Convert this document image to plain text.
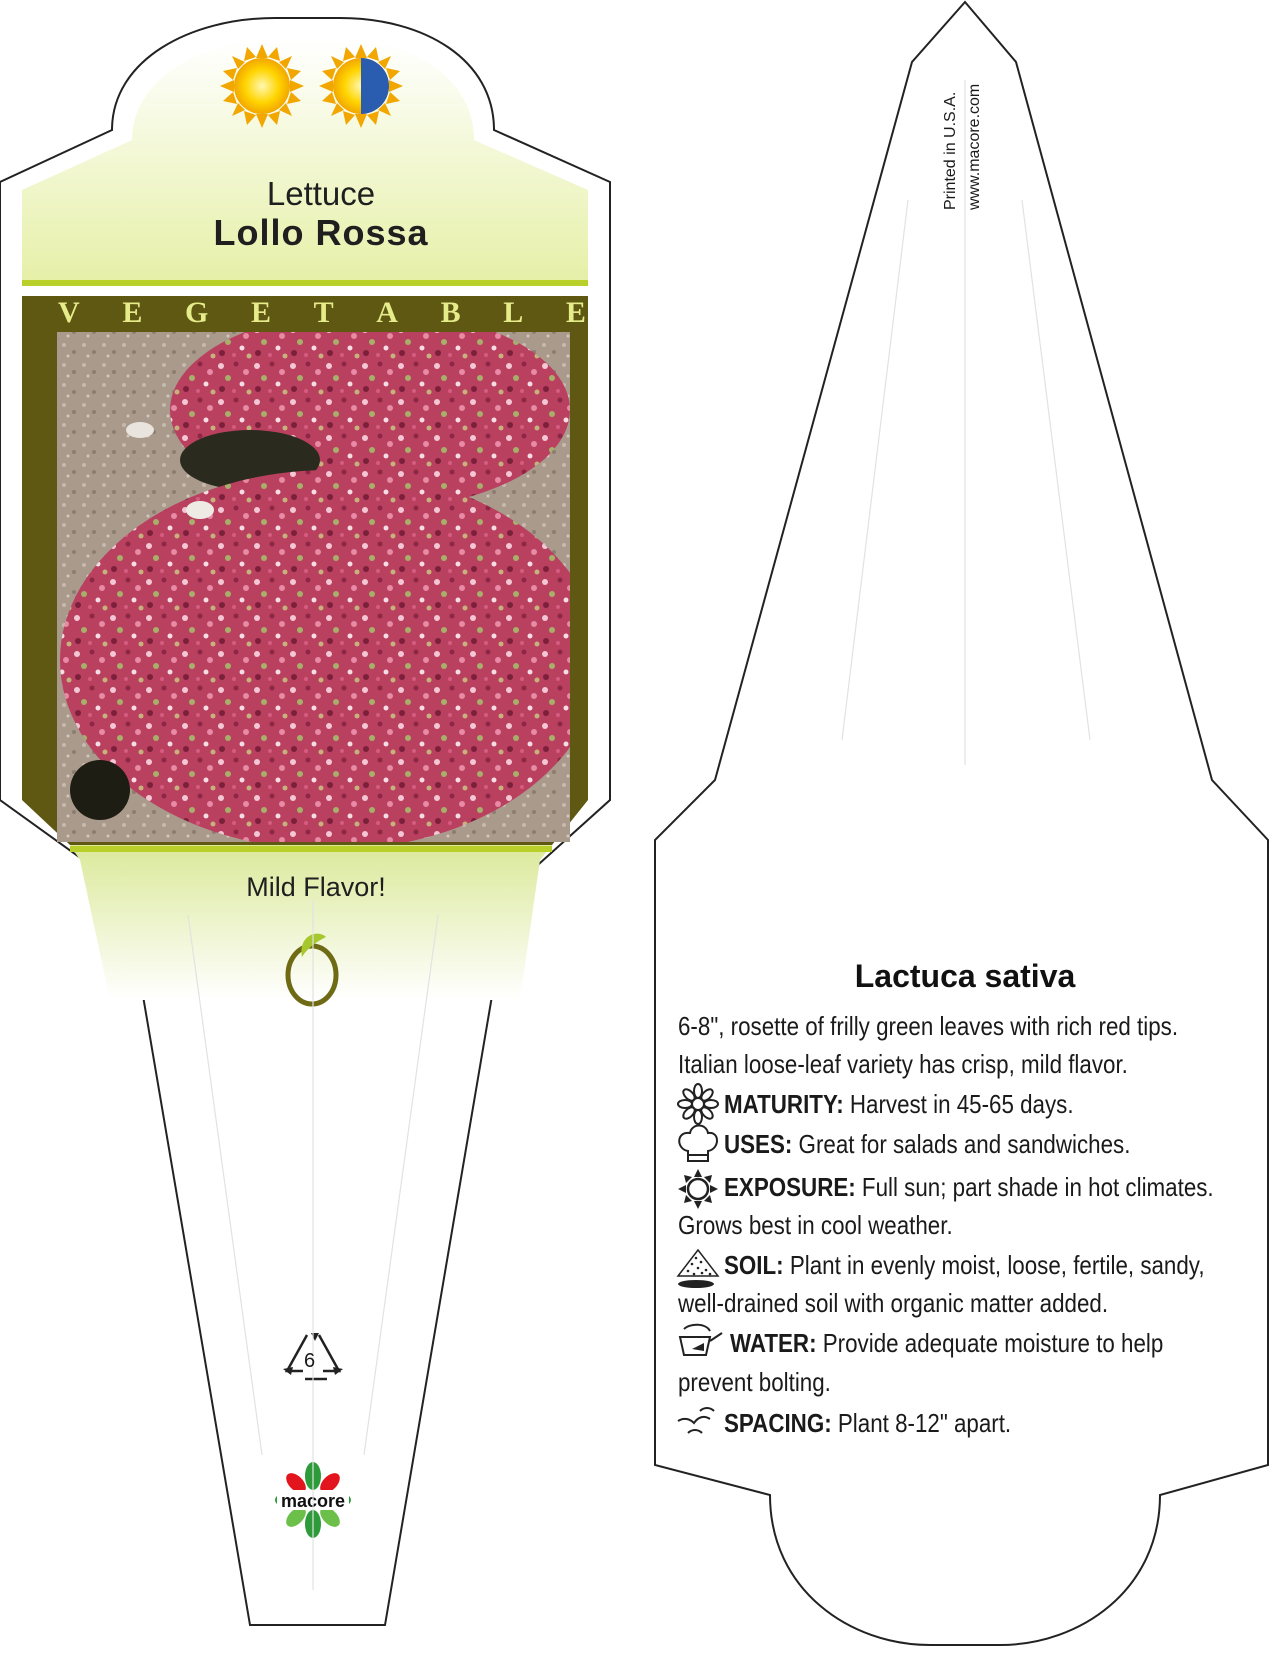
macore
Lettuce
Lollo Rossa
V E G E T A B L E
Mild Flavor!
6
Printed in U.S.A. www.macore.com
Lactuca sativa
6-8", rosette of frilly green leaves with rich red tips.
Italian loose-leaf variety has crisp, mild flavor.
MATURITY: Harvest in 45-65 days.
USES: Great for salads and sandwiches.
EXPOSURE: Full sun; part shade in hot climates.
Grows best in cool weather.
SOIL: Plant in evenly moist, loose, fertile, sandy,
well-drained soil with organic matter added.
WATER: Provide adequate moisture to help
prevent bolting.
SPACING: Plant 8-12" apart.
